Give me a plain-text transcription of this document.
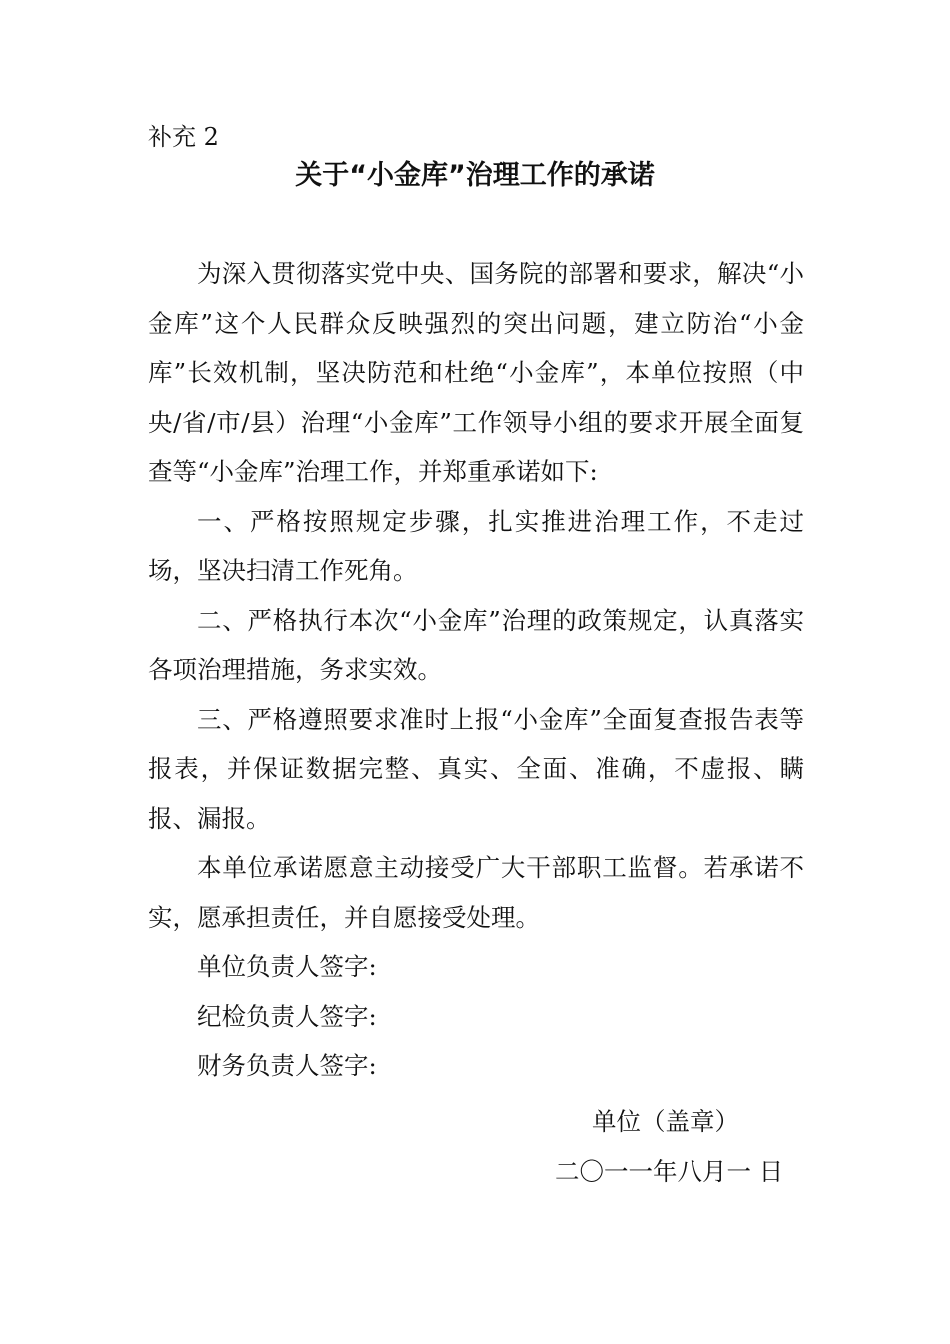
补充 2
关于“小金库”治理工作的承诺

为深入贯彻落实党中央、国务院的部署和要求，解决“小金库”这个人民群众反映强烈的突出问题，建立防治“小金库”长效机制，坚决防范和杜绝“小金库”，本单位按照（中央/省/市/县）治理“小金库”工作领导小组的要求开展全面复查等“小金库”治理工作，并郑重承诺如下:

一、严格按照规定步骤，扎实推进治理工作，不走过场，坚决扫清工作死角。

二、严格执行本次“小金库”治理的政策规定，认真落实各项治理措施，务求实效。

三、严格遵照要求准时上报“小金库”全面复查报告表等报表，并保证数据完整、真实、全面、准确，不虚报、瞒报、漏报。

本单位承诺愿意主动接受广大干部职工监督。若承诺不实，愿承担责任，并自愿接受处理。

单位负责人签字:

纪检负责人签字:

财务负责人签字:

单位（盖章）
二〇一一年八月一 日
